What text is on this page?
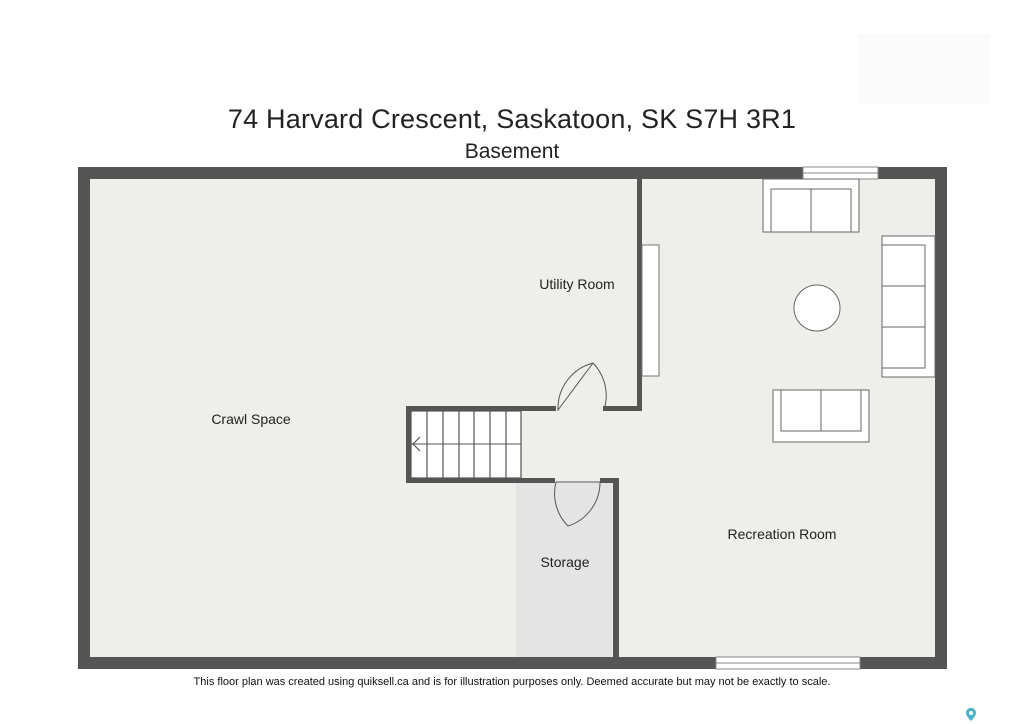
74 Harvard Crescent, Saskatoon, SK S7H 3R1
Basement
Utility Room
Crawl Space
Recreation Room
Storage
This floor plan was created using quiksell.ca and is for illustration purposes only. Deemed accurate but may not be exactly to scale.
